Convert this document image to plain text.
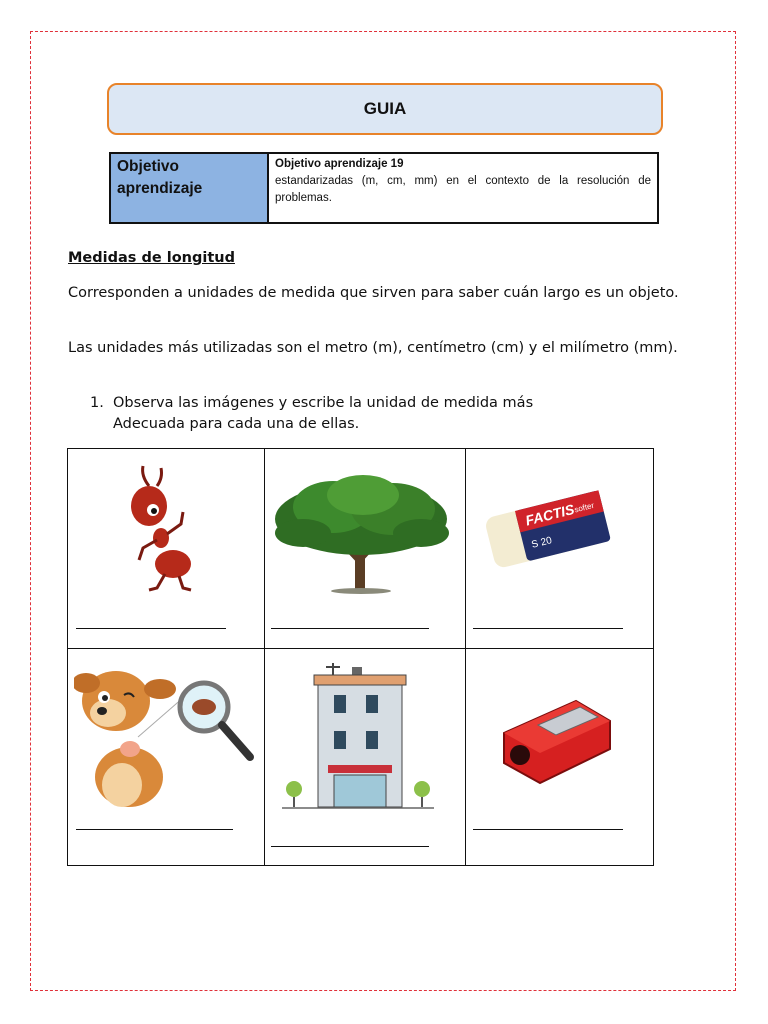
GUIA
Objetivo aprendizaje
Objetivo aprendizaje 19
estandarizadas (m, cm, mm) en el contexto de la resolución de problemas.
Medidas de longitud
Corresponden a unidades de medida que sirven para saber cuán largo es un objeto.
Las unidades más utilizadas son el metro (m), centímetro (cm) y el milímetro (mm).
1. Observa las imágenes y escribe la unidad de medida más
Adecuada para cada una de ellas.
FACTIS
softer
S 20
